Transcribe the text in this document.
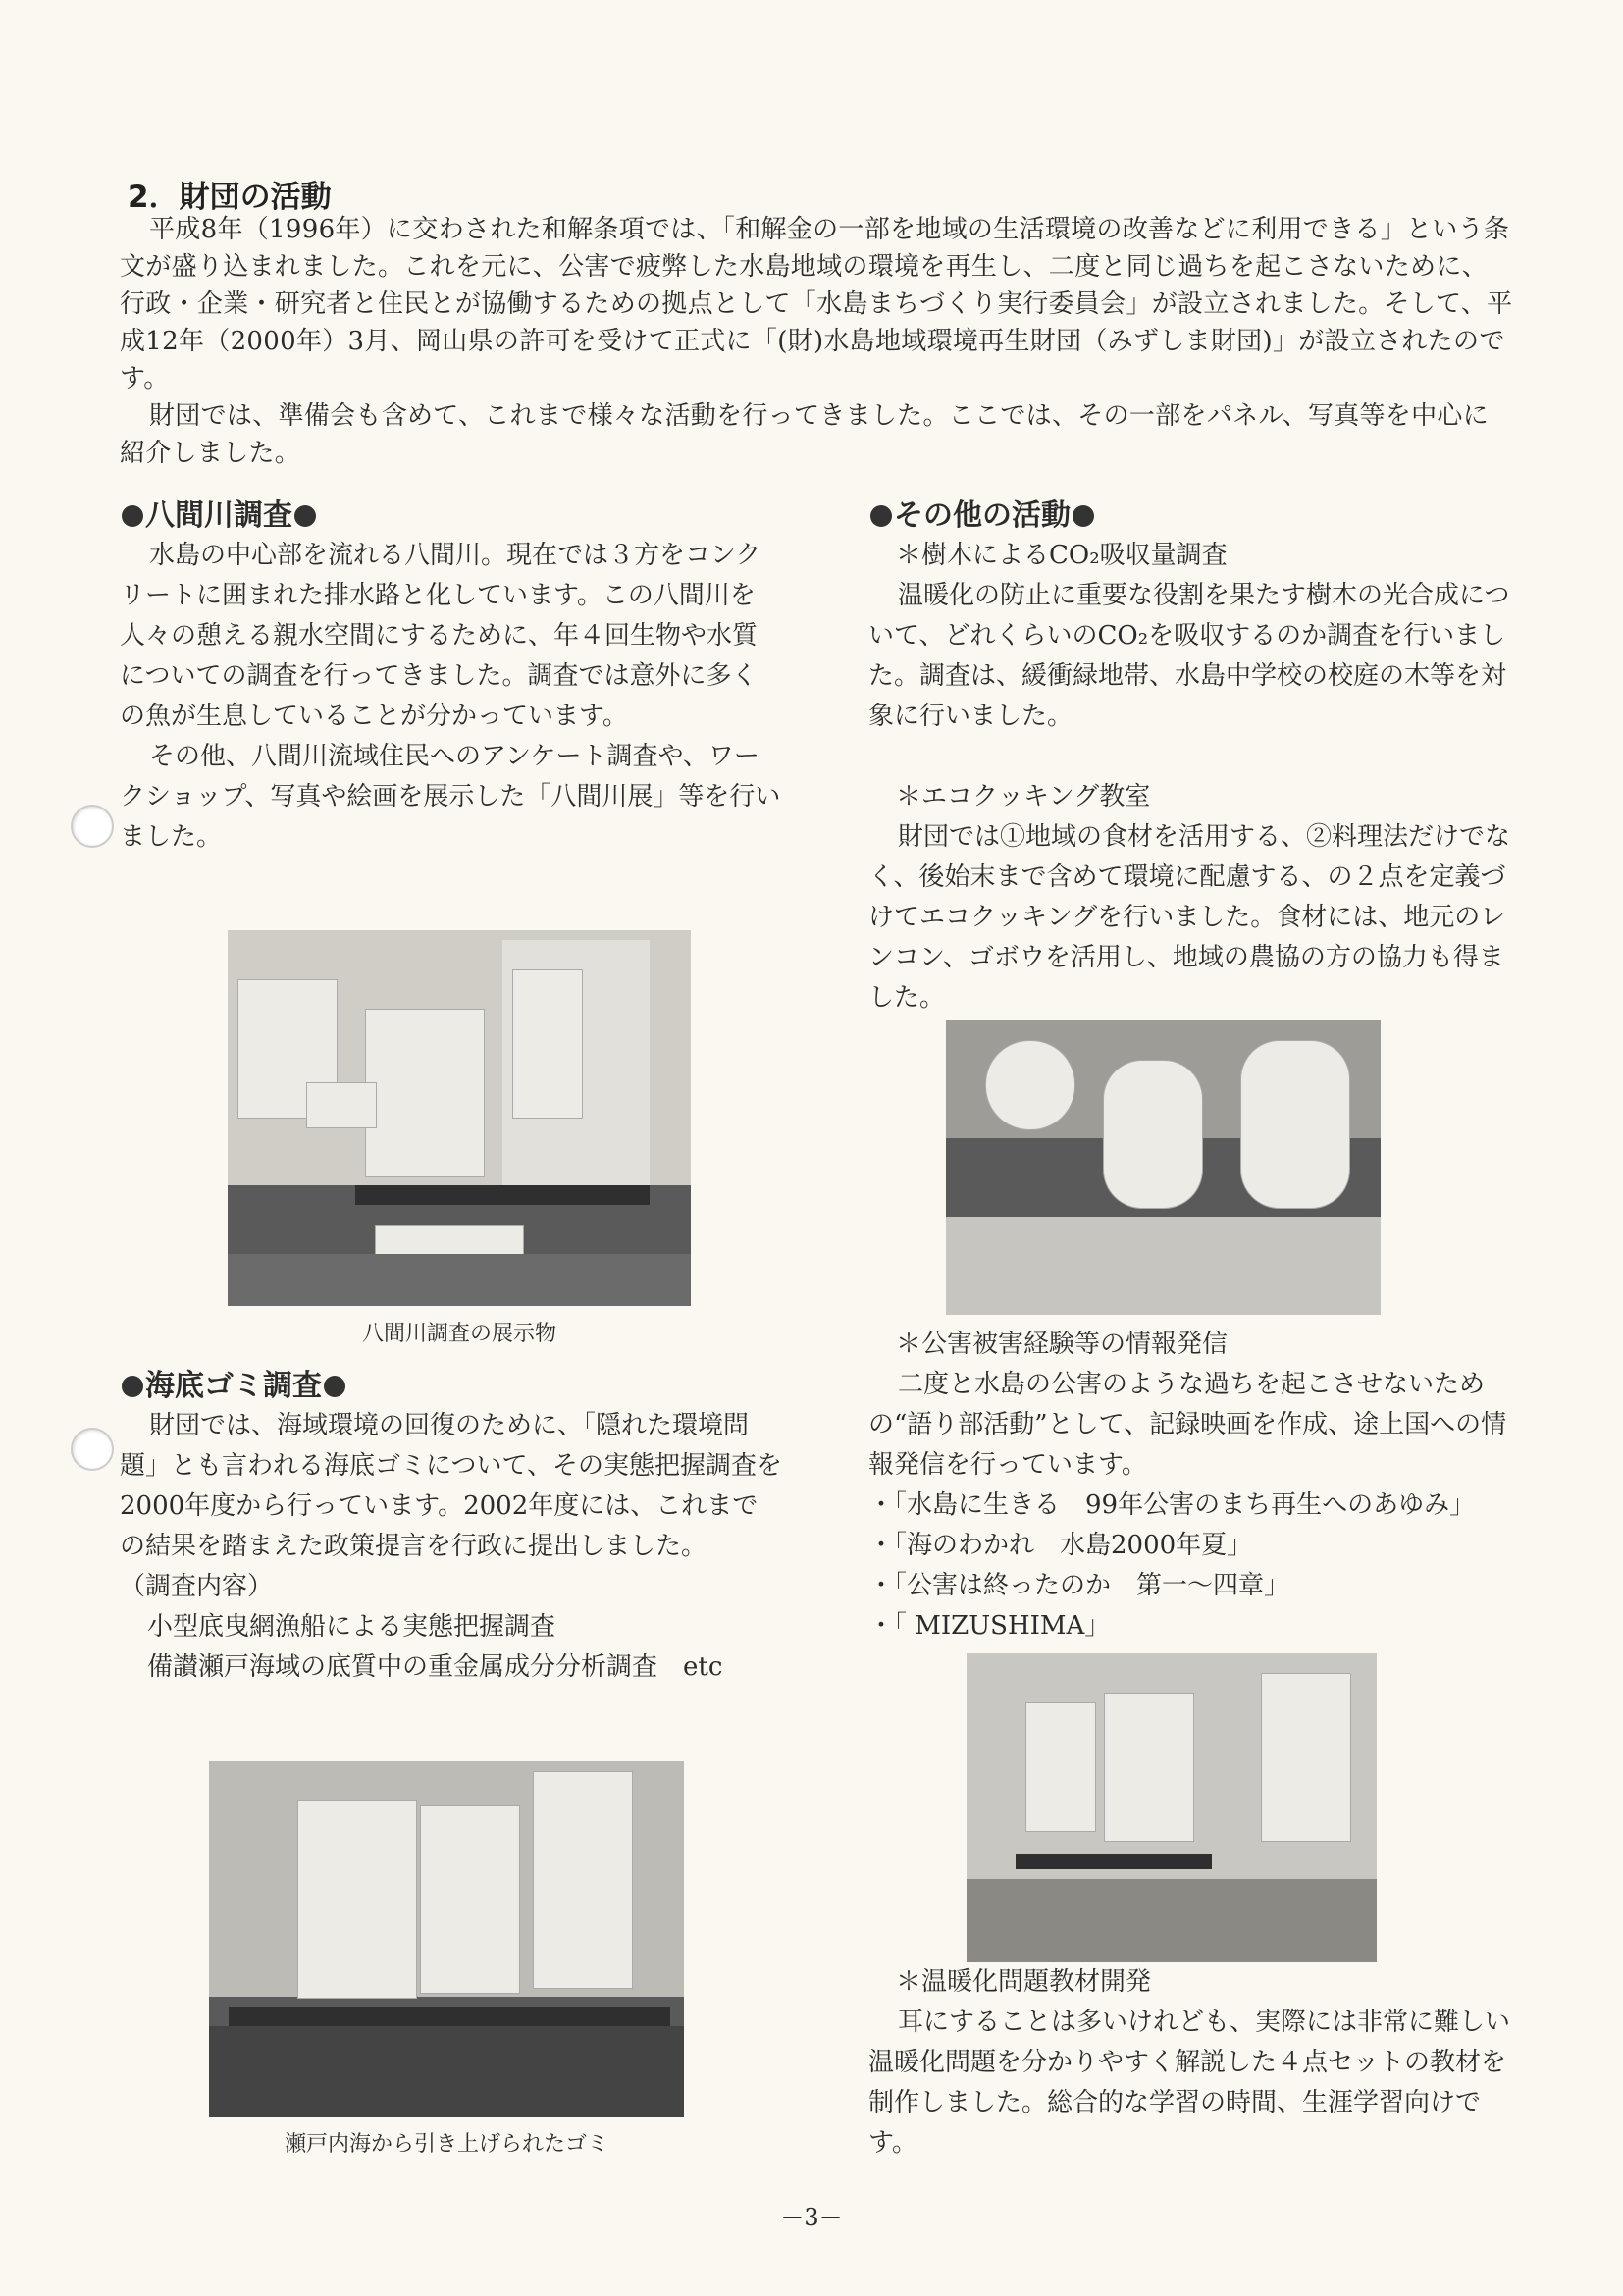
2．財団の活動

平成8年（1996年）に交わされた和解条項では、「和解金の一部を地域の生活環境の改善などに利用できる」という条文が盛り込まれました。これを元に、公害で疲弊した水島地域の環境を再生し、二度と同じ過ちを起こさないために、行政・企業・研究者と住民とが協働するための拠点として「水島まちづくり実行委員会」が設立されました。そして、平成12年（2000年）3月、岡山県の許可を受けて正式に「(財)水島地域環境再生財団（みずしま財団)」が設立されたのです。

財団では、準備会も含めて、これまで様々な活動を行ってきました。ここでは、その一部をパネル、写真等を中心に紹介しました。

八間川調査

水島の中心部を流れる八間川。現在では３方をコンクリートに囲まれた排水路と化しています。この八間川を人々の憩える親水空間にするために、年４回生物や水質についての調査を行ってきました。調査では意外に多くの魚が生息していることが分かっています。

その他、八間川流域住民へのアンケート調査や、ワークショップ、写真や絵画を展示した「八間川展」等を行いました。

八間川調査の展示物

海底ゴミ調査

財団では、海域環境の回復のために、「隠れた環境問題」とも言われる海底ゴミについて、その実態把握調査を2000年度から行っています。2002年度には、これまでの結果を踏まえた政策提言を行政に提出しました。

（調査内容）

小型底曳網漁船による実態把握調査

備讃瀬戸海域の底質中の重金属成分分析調査　etc

瀬戸内海から引き上げられたゴミ

その他の活動

＊樹木によるCO₂吸収量調査

温暖化の防止に重要な役割を果たす樹木の光合成について、どれくらいのCO₂を吸収するのか調査を行いました。調査は、緩衝緑地帯、水島中学校の校庭の木等を対象に行いました。

＊エコクッキング教室

財団では①地域の食材を活用する、②料理法だけでなく、後始末まで含めて環境に配慮する、の２点を定義づけてエコクッキングを行いました。食材には、地元のレンコン、ゴボウを活用し、地域の農協の方の協力も得ました。

＊公害被害経験等の情報発信

二度と水島の公害のような過ちを起こさせないための“語り部活動”として、記録映画を作成、途上国への情報発信を行っています。

・「水島に生きる　99年公害のまち再生へのあゆみ」

・「海のわかれ　水島2000年夏」

・「公害は終ったのか　第一～四章」

・「 MIZUSHIMA」

＊温暖化問題教材開発

耳にすることは多いけれども、実際には非常に難しい温暖化問題を分かりやすく解説した４点セットの教材を制作しました。総合的な学習の時間、生涯学習向けです。

－3－
